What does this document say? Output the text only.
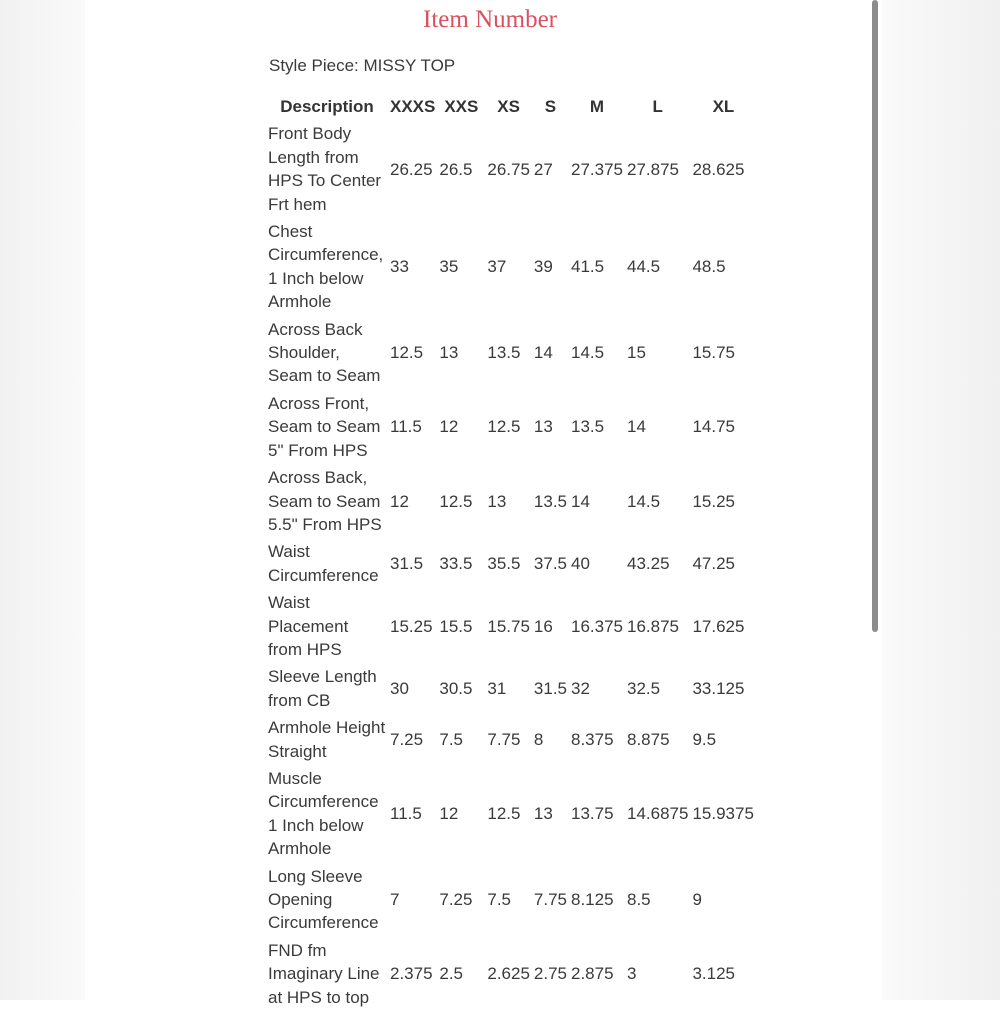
Item Number
Style Piece: MISSY TOP
Description	XXXS	XXS	XS	S	M	L	XL
Front Body Length from HPS To Center Frt hem	26.25	26.5	26.75	27	27.375	27.875	28.625
Chest Circumference, 1 Inch below Armhole	33	35	37	39	41.5	44.5	48.5
Across Back Shoulder, Seam to Seam	12.5	13	13.5	14	14.5	15	15.75
Across Front, Seam to Seam 5" From HPS	11.5	12	12.5	13	13.5	14	14.75
Across Back, Seam to Seam 5.5" From HPS	12	12.5	13	13.5	14	14.5	15.25
Waist Circumference	31.5	33.5	35.5	37.5	40	43.25	47.25
Waist Placement from HPS	15.25	15.5	15.75	16	16.375	16.875	17.625
Sleeve Length from CB	30	30.5	31	31.5	32	32.5	33.125
Armhole Height Straight	7.25	7.5	7.75	8	8.375	8.875	9.5
Muscle Circumference 1 Inch below Armhole	11.5	12	12.5	13	13.75	14.6875	15.9375
Long Sleeve Opening Circumference	7	7.25	7.5	7.75	8.125	8.5	9
FND fm Imaginary Line at HPS to top	2.375	2.5	2.625	2.75	2.875	3	3.125
